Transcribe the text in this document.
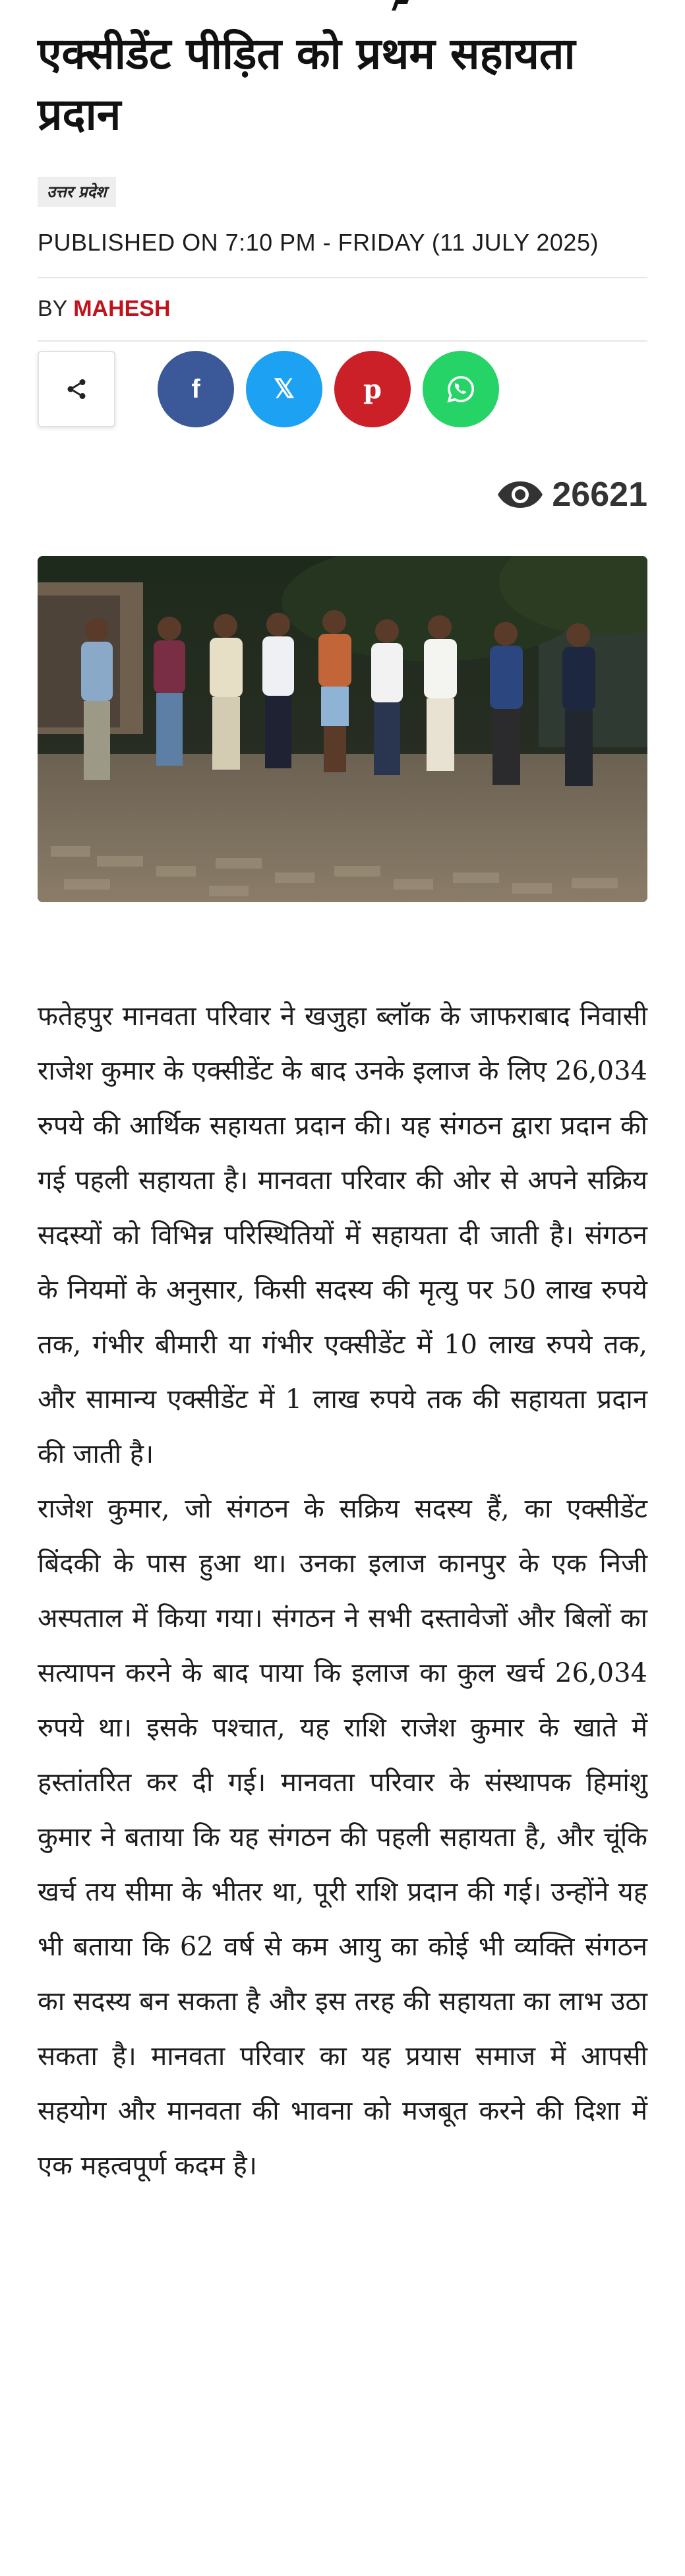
एक्सीडेंट पीड़ित को प्रथम सहायता प्रदान
उत्तर प्रदेश
PUBLISHED ON 7:10 PM - FRIDAY (11 JULY 2025)
BY MAHESH
f	𝕏	p
26621

फतेहपुर मानवता परिवार ने खजुहा ब्लॉक के जाफराबाद निवासी राजेश कुमार के एक्सीडेंट के बाद उनके इलाज के लिए 26,034 रुपये की आर्थिक सहायता प्रदान की। यह संगठन द्वारा प्रदान की गई पहली सहायता है। मानवता परिवार की ओर से अपने सक्रिय सदस्यों को विभिन्न परिस्थितियों में सहायता दी जाती है। संगठन के नियमों के अनुसार, किसी सदस्य की मृत्यु पर 50 लाख रुपये तक, गंभीर बीमारी या गंभीर एक्सीडेंट में 10 लाख रुपये तक, और सामान्य एक्सीडेंट में 1 लाख रुपये तक की सहायता प्रदान की जाती है।

राजेश कुमार, जो संगठन के सक्रिय सदस्य हैं, का एक्सीडेंट बिंदकी के पास हुआ था। उनका इलाज कानपुर के एक निजी अस्पताल में किया गया। संगठन ने सभी दस्तावेजों और बिलों का सत्यापन करने के बाद पाया कि इलाज का कुल खर्च 26,034 रुपये था। इसके पश्चात, यह राशि राजेश कुमार के खाते में हस्तांतरित कर दी गई। मानवता परिवार के संस्थापक हिमांशु कुमार ने बताया कि यह संगठन की पहली सहायता है, और चूंकि खर्च तय सीमा के भीतर था, पूरी राशि प्रदान की गई। उन्होंने यह भी बताया कि 62 वर्ष से कम आयु का कोई भी व्यक्ति संगठन का सदस्य बन सकता है और इस तरह की सहायता का लाभ उठा सकता है। मानवता परिवार का यह प्रयास समाज में आपसी सहयोग और मानवता की भावना को मजबूत करने की दिशा में एक महत्वपूर्ण कदम है।
